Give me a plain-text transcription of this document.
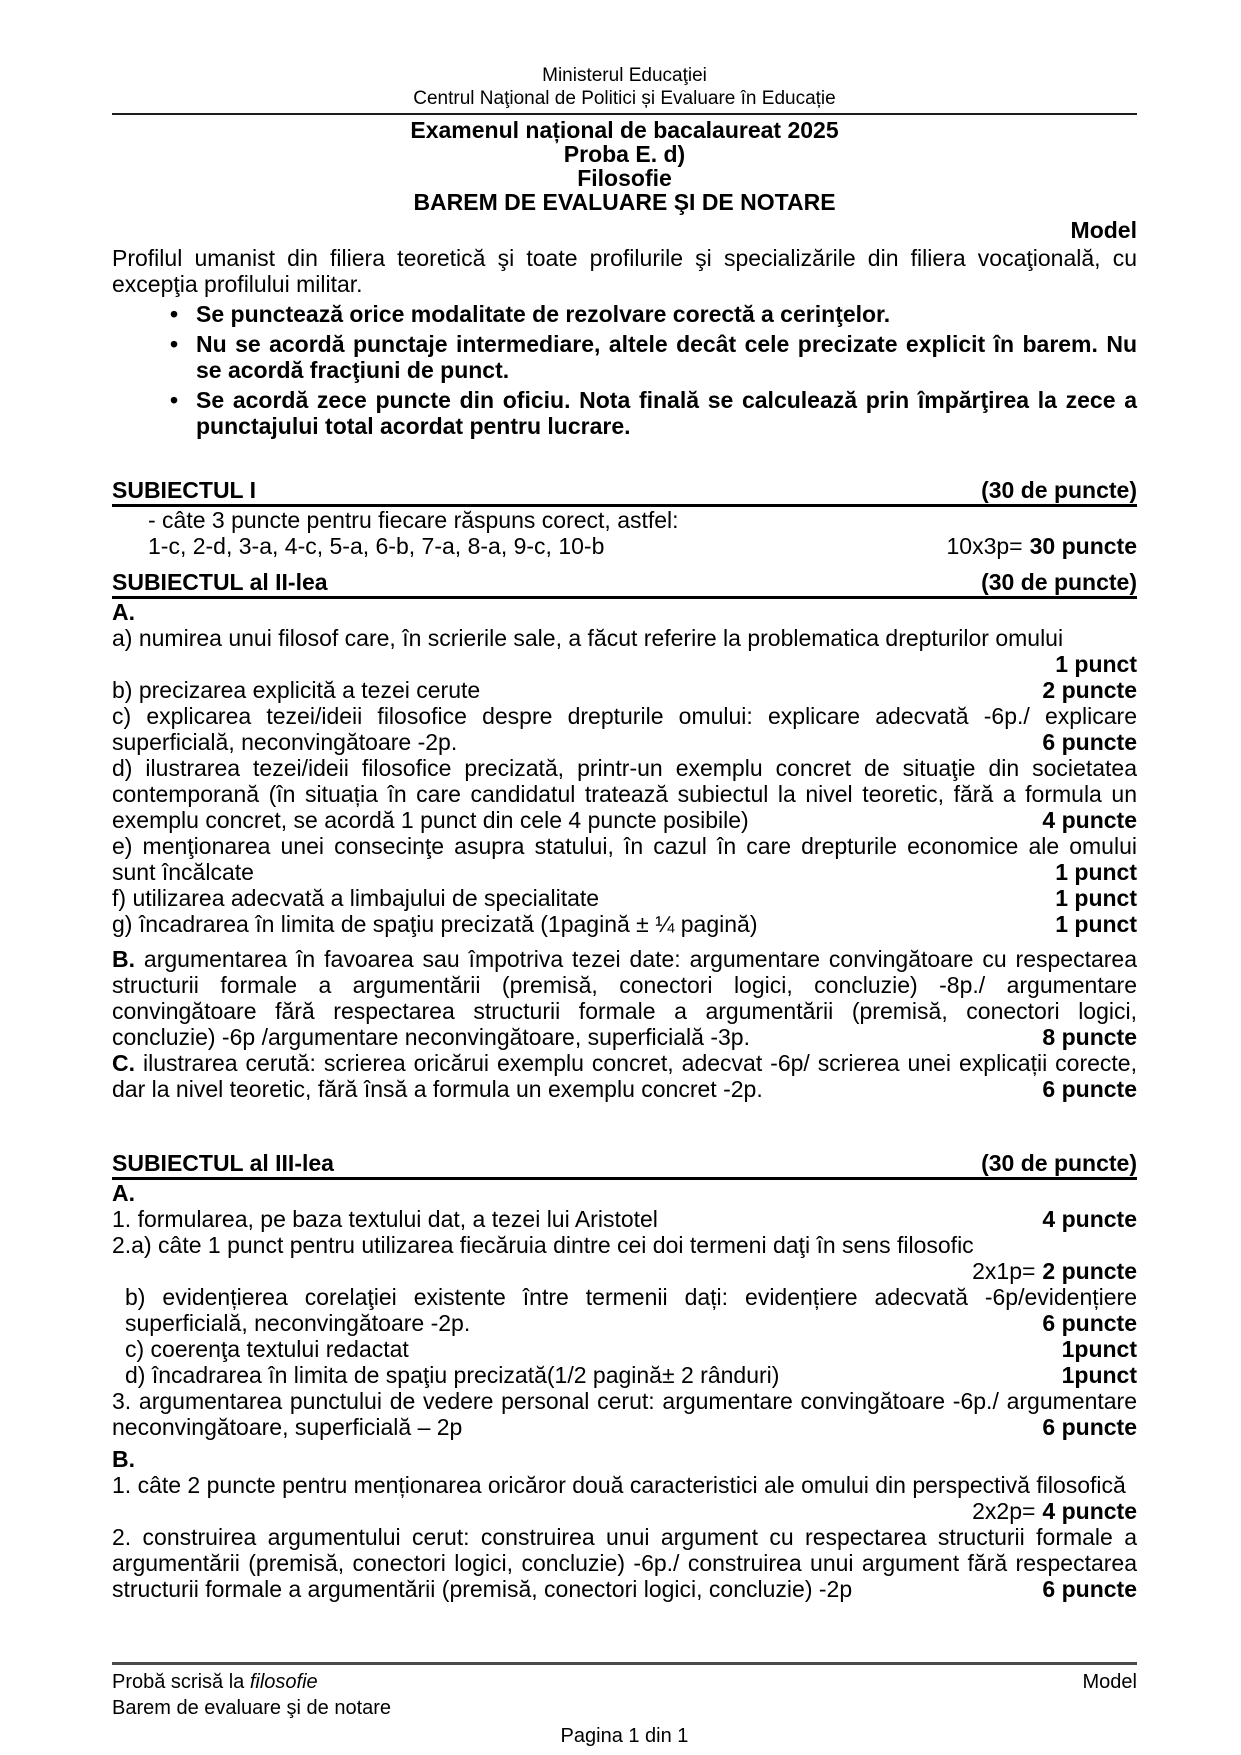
Ministerul Educaţiei
Centrul Naţional de Politici și Evaluare în Educație
Examenul național de bacalaureat 2025
Proba E. d)
Filosofie
BAREM DE EVALUARE ŞI DE NOTARE
Model
Profilul umanist din filiera teoretică şi toate profilurile şi specializările din filiera vocaţională, cu excepţia profilului militar.
• Se punctează orice modalitate de rezolvare corectă a cerinţelor.
• Nu se acordă punctaje intermediare, altele decât cele precizate explicit în barem. Nu se acordă fracţiuni de punct.
• Se acordă zece puncte din oficiu. Nota finală se calculează prin împărţirea la zece a punctajului total acordat pentru lucrare.
SUBIECTUL I	(30 de puncte)
- câte 3 puncte pentru fiecare răspuns corect, astfel:
1-c, 2-d, 3-a, 4-c, 5-a, 6-b, 7-a, 8-a, 9-c, 10-b	10x3p= 30 puncte
SUBIECTUL al II-lea	(30 de puncte)
A.
a) numirea unui filosof care, în scrierile sale, a făcut referire la problematica drepturilor omului
1 punct
b) precizarea explicită a tezei cerute	2 puncte
c) explicarea tezei/ideii filosofice despre drepturile omului: explicare adecvată -6p./ explicare superficială, neconvingătoare -2p.	6 puncte
d) ilustrarea tezei/ideii filosofice precizată, printr-un exemplu concret de situaţie din societatea contemporană (în situația în care candidatul tratează subiectul la nivel teoretic, fără a formula un exemplu concret, se acordă 1 punct din cele 4 puncte posibile)	4 puncte
e) menţionarea unei consecinţe asupra statului, în cazul în care drepturile economice ale omului sunt încălcate	1 punct
f) utilizarea adecvată a limbajului de specialitate	1 punct
g) încadrarea în limita de spaţiu precizată (1pagină ± ¼ pagină)	1 punct
B. argumentarea în favoarea sau împotriva tezei date: argumentare convingătoare cu respectarea structurii formale a argumentării (premisă, conectori logici, concluzie) -8p./ argumentare convingătoare fără respectarea structurii formale a argumentării (premisă, conectori logici, concluzie) -6p /argumentare neconvingătoare, superficială -3p.	8 puncte
C. ilustrarea cerută: scrierea oricărui exemplu concret, adecvat -6p/ scrierea unei explicații corecte, dar la nivel teoretic, fără însă a formula un exemplu concret -2p.	6 puncte
SUBIECTUL al III-lea	(30 de puncte)
A.
1. formularea, pe baza textului dat, a tezei lui Aristotel	4 puncte
2.a) câte 1 punct pentru utilizarea fiecăruia dintre cei doi termeni daţi în sens filosofic
2x1p= 2 puncte
b) evidențierea corelaţiei existente între termenii dați: evidențiere adecvată -6p/evidențiere superficială, neconvingătoare -2p.	6 puncte
c) coerenţa textului redactat	1punct
d) încadrarea în limita de spaţiu precizată(1/2 pagină± 2 rânduri)	1punct
3. argumentarea punctului de vedere personal cerut: argumentare convingătoare -6p./ argumentare neconvingătoare, superficială – 2p	6 puncte
B.
1. câte 2 puncte pentru menționarea oricăror două caracteristici ale omului din perspectivă filosofică
2x2p= 4 puncte
2. construirea argumentului cerut: construirea unui argument cu respectarea structurii formale a argumentării (premisă, conectori logici, concluzie) -6p./ construirea unui argument fără respectarea structurii formale a argumentării (premisă, conectori logici, concluzie) -2p	6 puncte
Probă scrisă la filosofie	Model
Barem de evaluare şi de notare
Pagina 1 din 1
